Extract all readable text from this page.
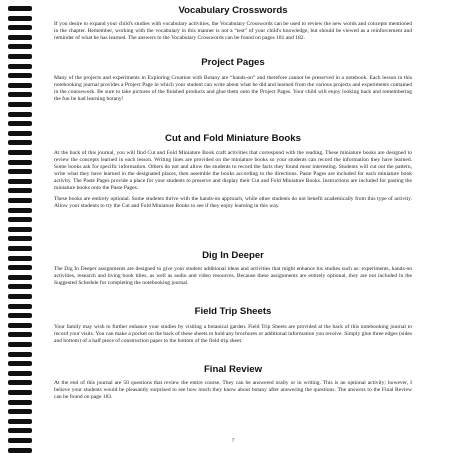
Vocabulary Crosswords

If you desire to expand your child's studies with vocabulary activities, the Vocabulary Crosswords can be used to review the new words and concepts mentioned in the chapter. Remember, working with the vocabulary in this manner is not a “test” of your child's knowledge, but should be viewed as a reinforcement and reminder of what he has learned. The answers to the Vocabulary Crosswords can be found on pages 181 and 182.

Project Pages

Many of the projects and experiments in Exploring Creation with Botany are “hands-on” and therefore cannot be preserved in a notebook. Each lesson in this notebooking journal provides a Project Page in which your student can write about what he did and learned from the various projects and experiments contained in the coursework. Be sure to take pictures of the finished products and glue them onto the Project Pages. Your child will enjoy looking back and remembering the fun he had learning botany!

Cut and Fold Miniature Books

At the back of this journal, you will find Cut and Fold Miniature Book craft activities that correspond with the reading. These miniature books are designed to review the concepts learned in each lesson. Writing lines are provided on the miniature books so your students can record the information they have learned. Some books ask for specific information. Others do not and allow the students to record the facts they found most interesting. Students will cut out the pattern, write what they have learned in the designated places, then assemble the books according to the directions. Paste Pages are included for each miniature book activity. The Paste Pages provide a place for your students to preserve and display their Cut and Fold Miniature Books. Instructions are included for pasting the miniature books onto the Paste Pages.

These books are entirely optional. Some students thrive with the hands-on approach, while other students do not benefit academically from this type of activity. Allow your students to try the Cut and Fold Miniature Books to see if they enjoy learning in this way.

Dig In Deeper

The Dig In Deeper assignments are designed to give your student additional ideas and activities that might enhance his studies such as: experiments, hands-on activities, research and living book titles, as well as audio and video resources. Because these assignments are entirely optional, they are not included in the Suggested Schedule for completing the notebooking journal.

Field Trip Sheets

Your family may wish to further enhance your studies by visiting a botanical garden. Field Trip Sheets are provided at the back of this notebooking journal to record your visits. You can make a pocket on the back of these sheets to hold any brochures or additional information you receive. Simply glue three edges (sides and bottom) of a half piece of construction paper to the bottom of the field trip sheet.

Final Review

At the end of this journal are 50 questions that review the entire course. They can be answered orally or in writing. This is an optional activity; however, I believe your students would be pleasantly surprised to see how much they know about botany after answering the questions. The answers to the Final Review can be found on page 183.

7
